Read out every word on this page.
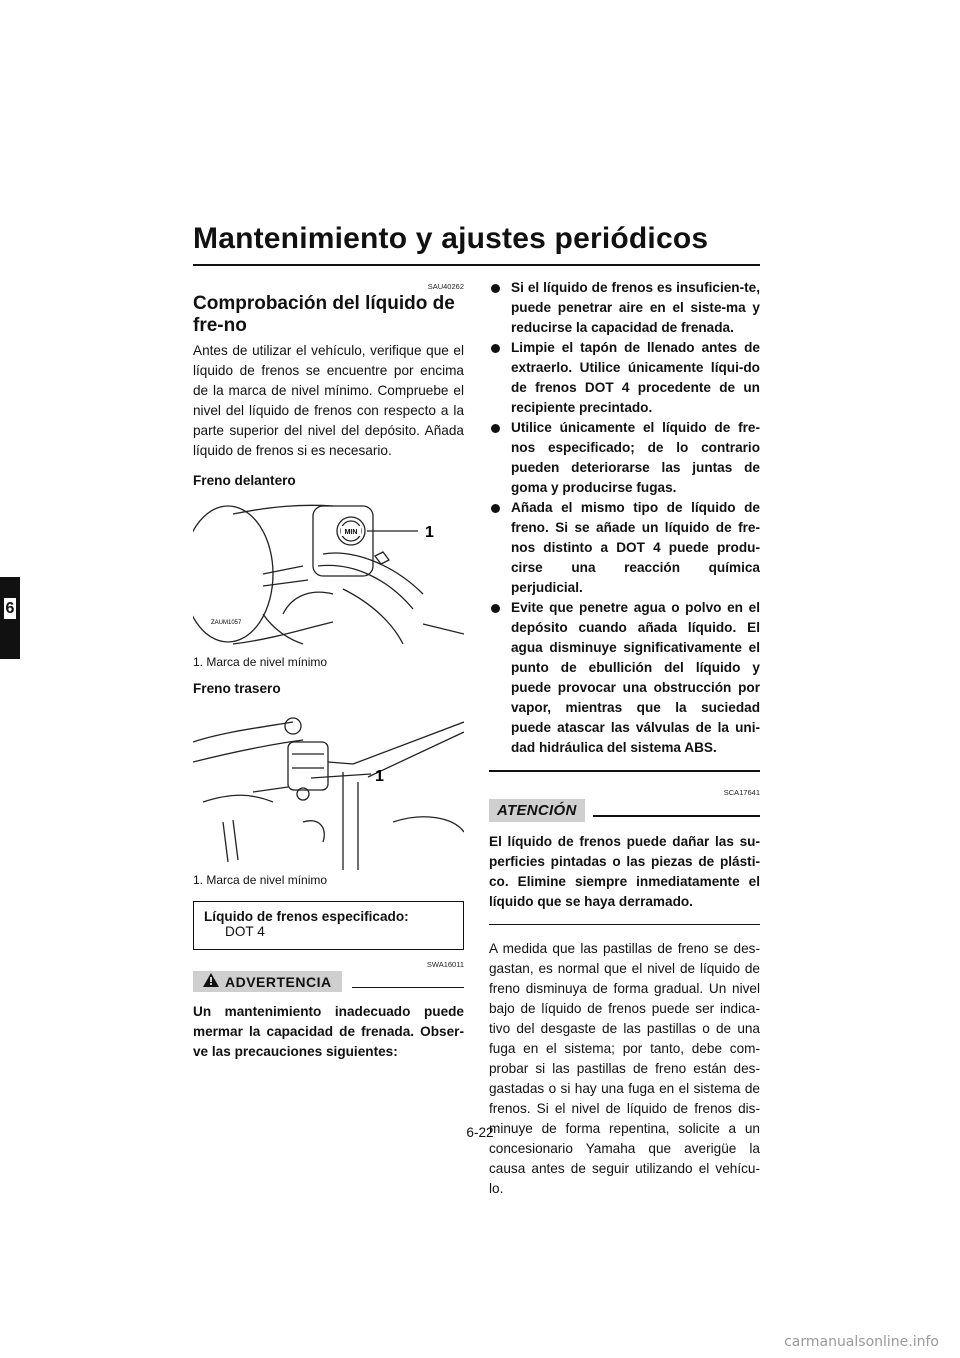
Mantenimiento y ajustes periódicos
6
SAU40262
Comprobación del líquido de fre-no

Antes de utilizar el vehículo, verifique que el líquido de frenos se encuentre por encima de la marca de nivel mínimo. Compruebe el nivel del líquido de frenos con respecto a la parte superior del nivel del depósito. Añada líquido de frenos si es necesario.

Freno delantero
MIN	1
ZAUM1057
1. Marca de nivel mínimo
Freno trasero
1
1. Marca de nivel mínimo
Líquido de frenos especificado:
DOT 4
SWA16011
ADVERTENCIA

Un mantenimiento inadecuado puede mermar la capacidad de frenada. Obser-ve las precauciones siguientes:

Si el líquido de frenos es insuficien-te, puede penetrar aire en el siste-ma y reducirse la capacidad de frenada.
Limpie el tapón de llenado antes de extraerlo. Utilice únicamente líqui-do de frenos DOT 4 procedente de un recipiente precintado.
Utilice únicamente el líquido de fre-nos especificado; de lo contrario pueden deteriorarse las juntas de goma y producirse fugas.
Añada el mismo tipo de líquido de freno. Si se añade un líquido de fre-nos distinto a DOT 4 puede produ-cirse una reacción química perjudicial.
Evite que penetre agua o polvo en el depósito cuando añada líquido. El agua disminuye significativamente el punto de ebullición del líquido y puede provocar una obstrucción por vapor, mientras que la suciedad puede atascar las válvulas de la uni-dad hidráulica del sistema ABS.
SCA17641
ATENCIÓN

El líquido de frenos puede dañar las su-perficies pintadas o las piezas de plásti-co. Elimine siempre inmediatamente el líquido que se haya derramado.

A medida que las pastillas de freno se des-gastan, es normal que el nivel de líquido de freno disminuya de forma gradual. Un nivel bajo de líquido de frenos puede ser indica-tivo del desgaste de las pastillas o de una fuga en el sistema; por tanto, debe com-probar si las pastillas de freno están des-gastadas o si hay una fuga en el sistema de frenos. Si el nivel de líquido de frenos dis-minuye de forma repentina, solicite a un concesionario Yamaha que averigüe la causa antes de seguir utilizando el vehícu-lo.

6-22
carmanualsonline.info
